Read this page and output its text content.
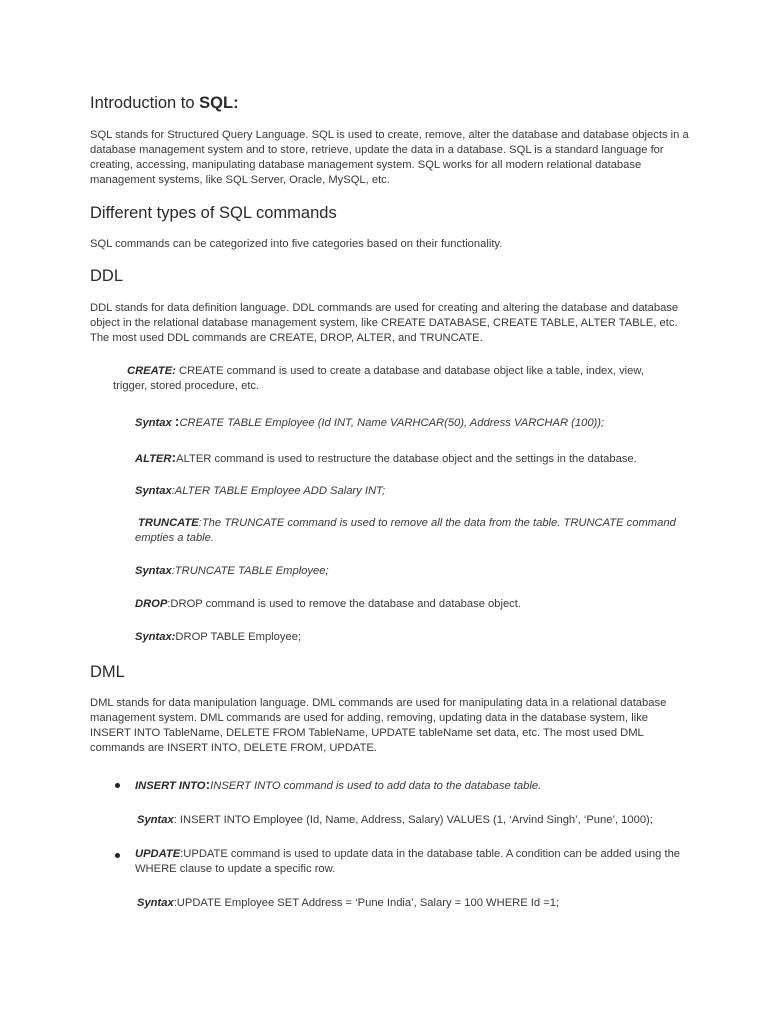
Introduction to SQL:

SQL stands for Structured Query Language. SQL is used to create, remove, alter the database and database objects in a database management system and to store, retrieve, update the data in a database. SQL is a standard language for creating, accessing, manipulating database management system. SQL works for all modern relational database management systems, like SQL Server, Oracle, MySQL, etc.

Different types of SQL commands

SQL commands can be categorized into five categories based on their functionality.

DDL

DDL stands for data definition language. DDL commands are used for creating and altering the database and database object in the relational database management system, like CREATE DATABASE, CREATE TABLE, ALTER TABLE, etc. The most used DDL commands are CREATE, DROP, ALTER, and TRUNCATE.

CREATE: CREATE command is used to create a database and database object like a table, index, view, trigger, stored procedure, etc.

Syntax :CREATE TABLE Employee (Id INT, Name VARHCAR(50), Address VARCHAR (100));

ALTER:ALTER command is used to restructure the database object and the settings in the database.

Syntax:ALTER TABLE Employee ADD Salary INT;

TRUNCATE:The TRUNCATE command is used to remove all the data from the table. TRUNCATE command empties a table.

Syntax:TRUNCATE TABLE Employee;

DROP:DROP command is used to remove the database and database object.

Syntax:DROP TABLE Employee;

DML

DML stands for data manipulation language. DML commands are used for manipulating data in a relational database management system. DML commands are used for adding, removing, updating data in the database system, like INSERT INTO TableName, DELETE FROM TableName, UPDATE tableName set data, etc. The most used DML commands are INSERT INTO, DELETE FROM, UPDATE.

INSERT INTO:INSERT INTO command is used to add data to the database table.

Syntax: INSERT INTO Employee (Id, Name, Address, Salary) VALUES (1, ‘Arvind Singh’, ‘Pune’, 1000);

UPDATE:UPDATE command is used to update data in the database table. A condition can be added using the WHERE clause to update a specific row.

Syntax:UPDATE Employee SET Address = ‘Pune India’, Salary = 100 WHERE Id =1;
